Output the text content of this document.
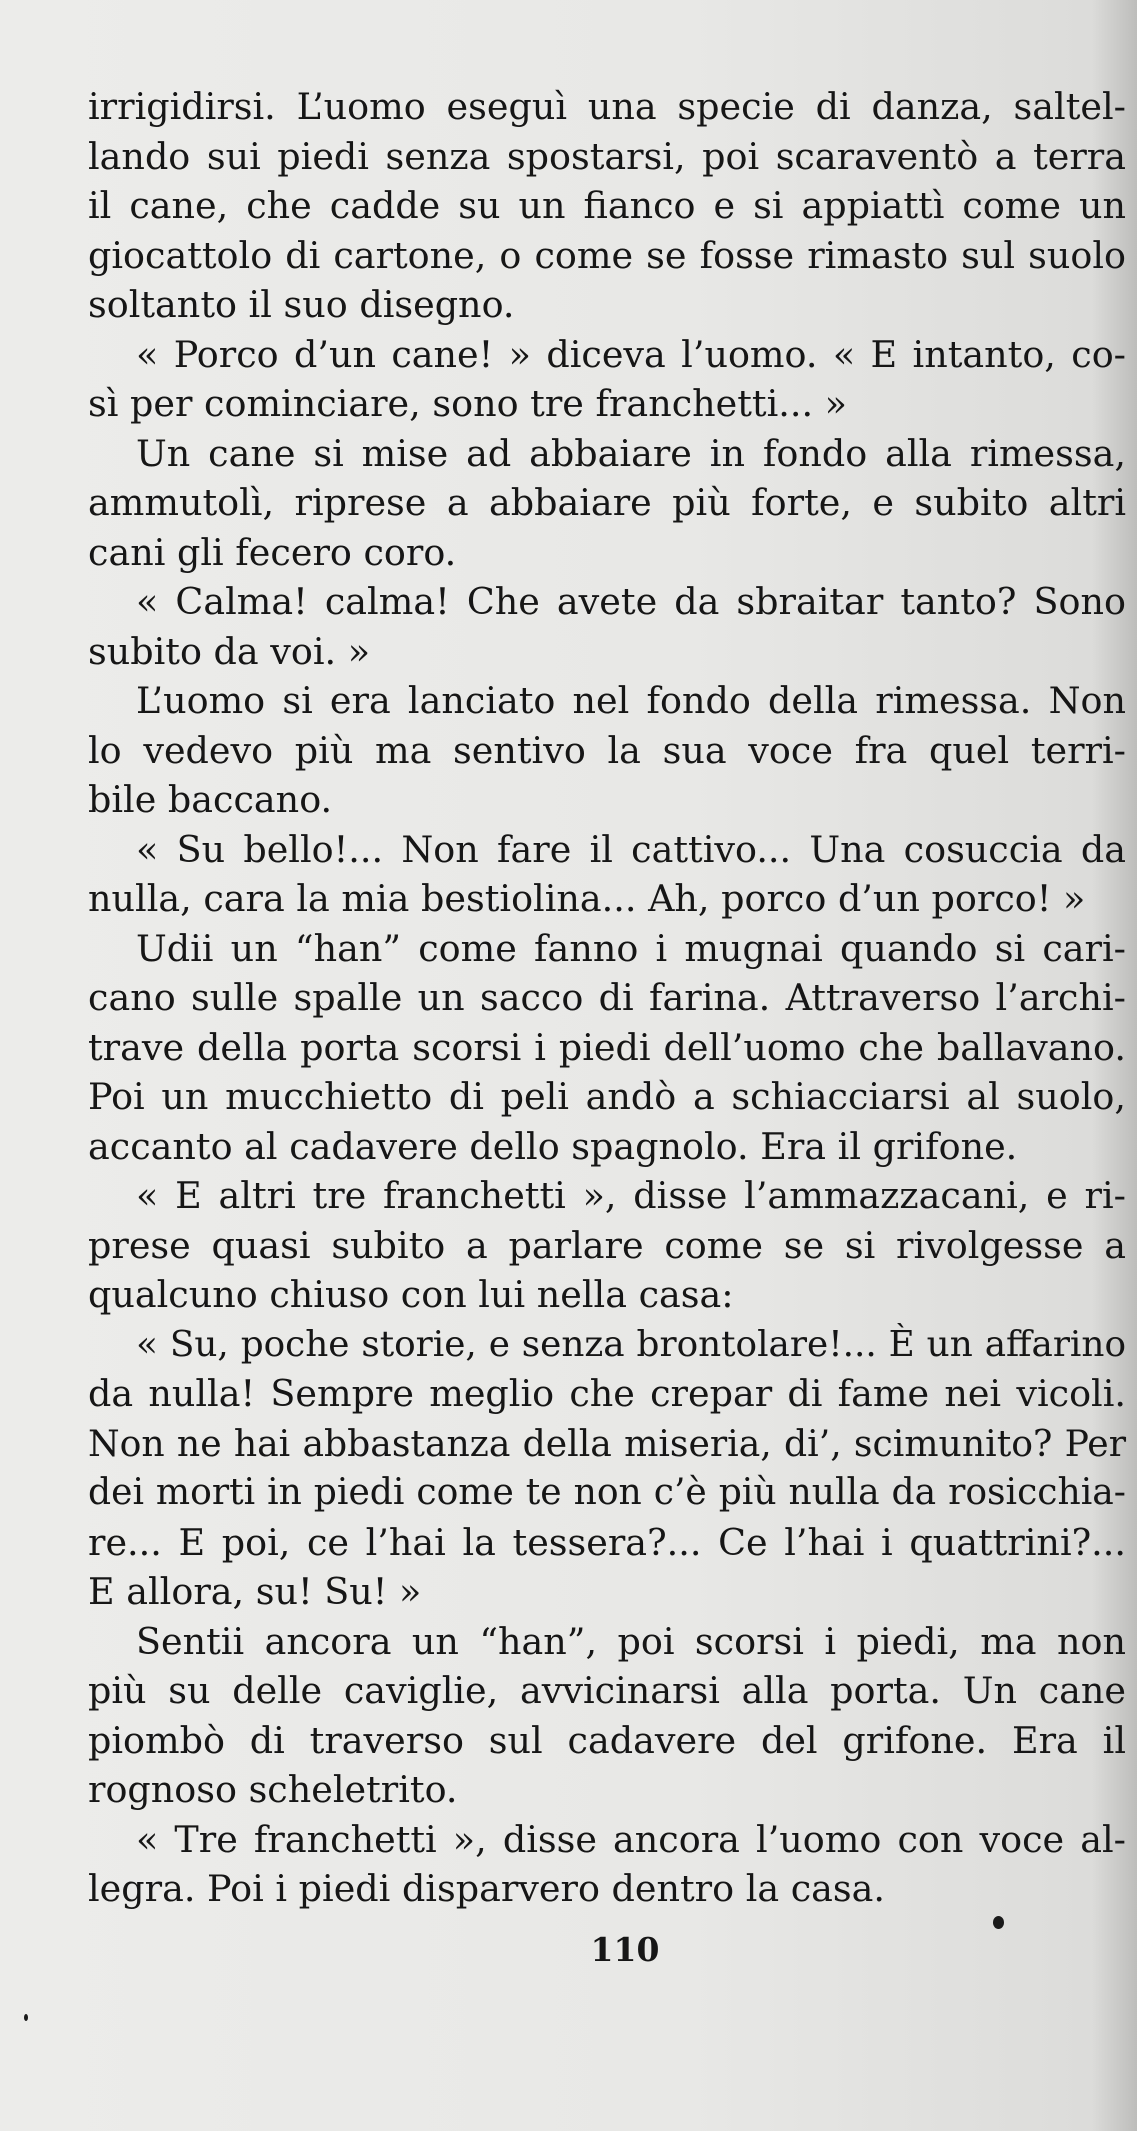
irrigidirsi. L’uomo eseguì una specie di danza, saltel-
lando sui piedi senza spostarsi, poi scaraventò a terra
il cane, che cadde su un fianco e si appiattì come un
giocattolo di cartone, o come se fosse rimasto sul suolo
soltanto il suo disegno.
« Porco d’un cane! » diceva l’uomo. « E intanto, co-
sì per cominciare, sono tre franchetti... »
Un cane si mise ad abbaiare in fondo alla rimessa,
ammutolì, riprese a abbaiare più forte, e subito altri
cani gli fecero coro.
« Calma! calma! Che avete da sbraitar tanto? Sono
subito da voi. »
L’uomo si era lanciato nel fondo della rimessa. Non
lo vedevo più ma sentivo la sua voce fra quel terri-
bile baccano.
« Su bello!... Non fare il cattivo... Una cosuccia da
nulla, cara la mia bestiolina... Ah, porco d’un porco! »
Udii un “han” come fanno i mugnai quando si cari-
cano sulle spalle un sacco di farina. Attraverso l’archi-
trave della porta scorsi i piedi dell’uomo che ballavano.
Poi un mucchietto di peli andò a schiacciarsi al suolo,
accanto al cadavere dello spagnolo. Era il grifone.
« E altri tre franchetti », disse l’ammazzacani, e ri-
prese quasi subito a parlare come se si rivolgesse a
qualcuno chiuso con lui nella casa:
« Su, poche storie, e senza brontolare!... È un affarino
da nulla! Sempre meglio che crepar di fame nei vicoli.
Non ne hai abbastanza della miseria, di’, scimunito? Per
dei morti in piedi come te non c’è più nulla da rosicchia-
re... E poi, ce l’hai la tessera?... Ce l’hai i quattrini?...
E allora, su! Su! »
Sentii ancora un “han”, poi scorsi i piedi, ma non
più su delle caviglie, avvicinarsi alla porta. Un cane
piombò di traverso sul cadavere del grifone. Era il
rognoso scheletrito.
« Tre franchetti », disse ancora l’uomo con voce al-
legra. Poi i piedi disparvero dentro la casa.
110
